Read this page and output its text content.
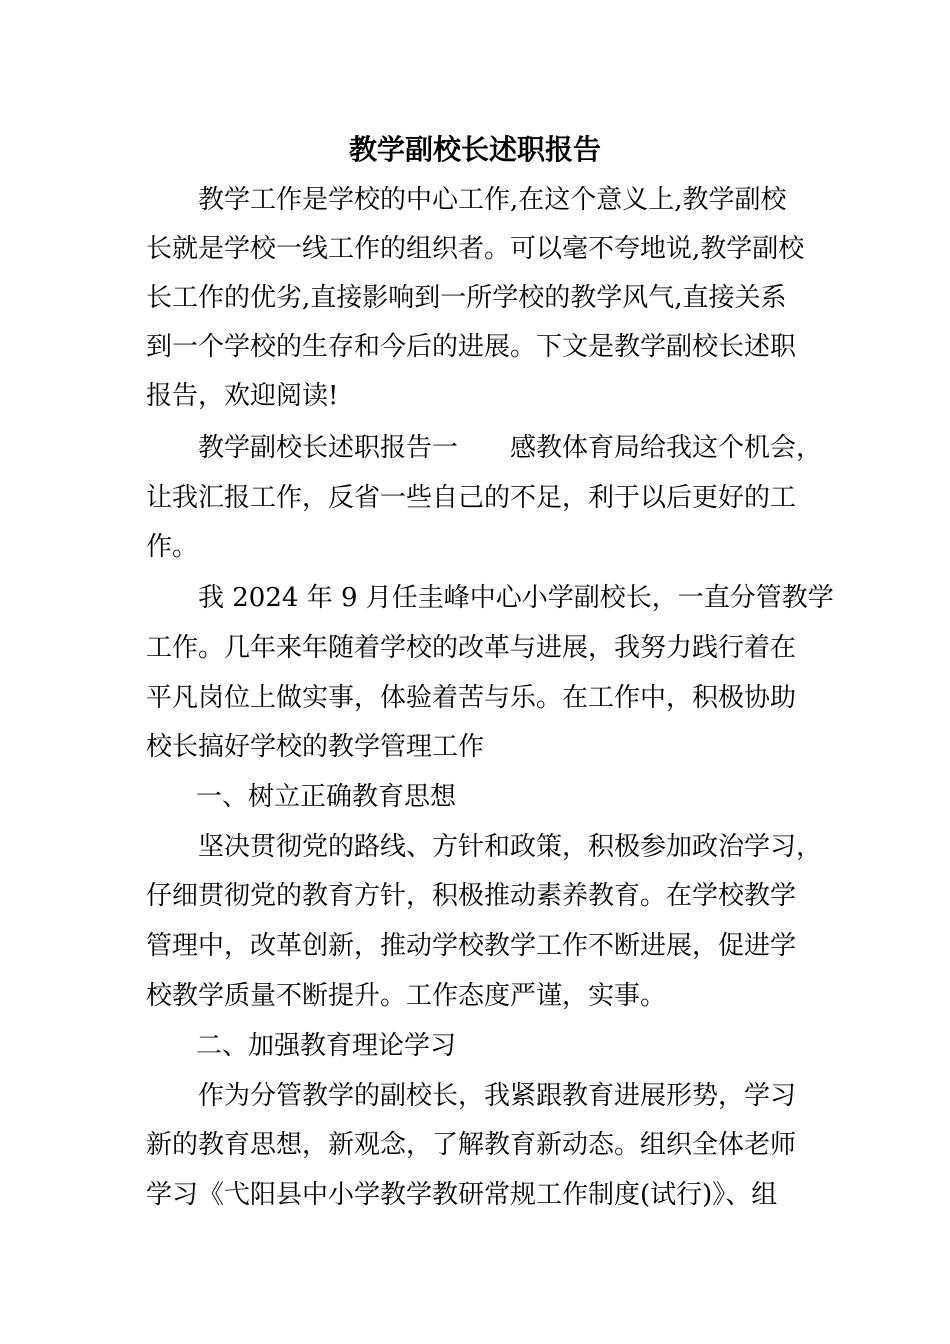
教学副校长述职报告
教学工作是学校的中心工作,在这个意义上,教学副校
长就是学校一线工作的组织者。可以毫不夸地说,教学副校
长工作的优劣,直接影响到一所学校的教学风气,直接关系
到一个学校的生存和今后的进展。下文是教学副校长述职
报告，欢迎阅读!
教学副校长述职报告一　　感教体育局给我这个机会，
让我汇报工作，反省一些自己的不足，利于以后更好的工
作。
我 2024 年 9 月任圭峰中心小学副校长，一直分管教学
工作。几年来年随着学校的改革与进展，我努力践行着在
平凡岗位上做实事，体验着苦与乐。在工作中，积极协助
校长搞好学校的教学管理工作
一、树立正确教育思想
坚决贯彻党的路线、方针和政策，积极参加政治学习，
仔细贯彻党的教育方针，积极推动素养教育。在学校教学
管理中，改革创新，推动学校教学工作不断进展，促进学
校教学质量不断提升。工作态度严谨，实事。
二、加强教育理论学习
作为分管教学的副校长，我紧跟教育进展形势，学习
新的教育思想，新观念，了解教育新动态。组织全体老师
学习《弋阳县中小学教学教研常规工作制度(试行)》、组
